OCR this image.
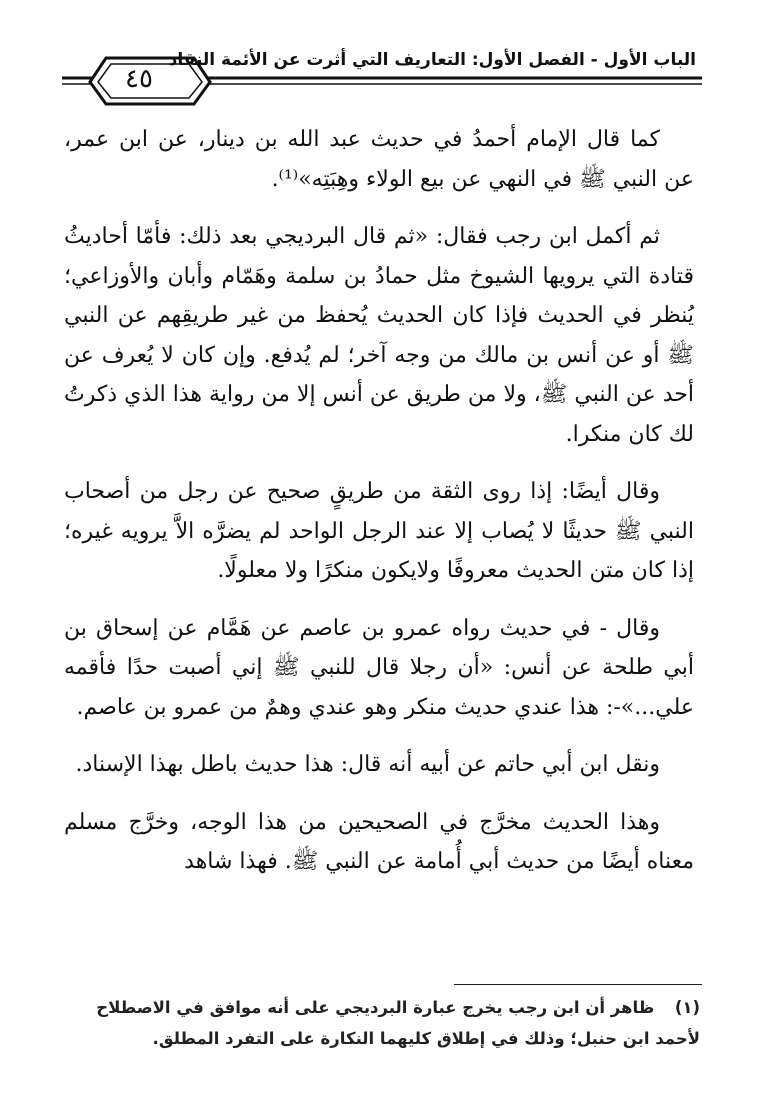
الباب الأول - الفصل الأول: التعاريف التي أثرت عن الأئمة النقاد
٤٥

كما قال الإمام أحمدُ في حديث عبد الله بن دينار، عن ابن عمر، عن النبي ﷺ في النهي عن بيع الولاء وهِبَتِه»⁽¹⁾.

ثم أكمل ابن رجب فقال: «ثم قال البرديجي بعد ذلك: فأمّا أحاديثُ قتادة التي يرويها الشيوخ مثل حمادُ بن سلمة وهَمّام وأبان والأوزاعي؛ يُنظر في الحديث فإذا كان الحديث يُحفظ من غير طريقِهم عن النبي ﷺ أو عن أنس بن مالك من وجه آخر؛ لم يُدفع. وإن كان لا يُعرف عن أحد عن النبي ﷺ، ولا من طريق عن أنس إلا من رواية هذا الذي ذكرتُ لك كان منكرا.

وقال أيضًا: إذا روى الثقة من طريقٍ صحيح عن رجل من أصحاب النبي ﷺ حديثًا لا يُصاب إلا عند الرجل الواحد لم يضرَّه الاَّ يرويه غيره؛ إذا كان متن الحديث معروفًا ولايكون منكرًا ولا معلولًا.

وقال - في حديث رواه عمرو بن عاصم عن هَمَّام عن إسحاق بن أبي طلحة عن أنس: «أن رجلا قال للنبي ﷺ إني أصبت حدًا فأقمه علي...»-: هذا عندي حديث منكر وهو عندي وهمٌ من عمرو بن عاصم.

ونقل ابن أبي حاتم عن أبيه أنه قال: هذا حديث باطل بهذا الإسناد.

وهذا الحديث مخرَّج في الصحيحين من هذا الوجه، وخرَّج مسلم معناه أيضًا من حديث أبي أُمامة عن النبي ﷺ. فهذا شاهد

(١) ظاهر أن ابن رجب يخرج عبارة البرديجي على أنه موافق في الاصطلاح لأحمد ابن حنبل؛ وذلك في إطلاق كليهما النكارة على التفرد المطلق.
